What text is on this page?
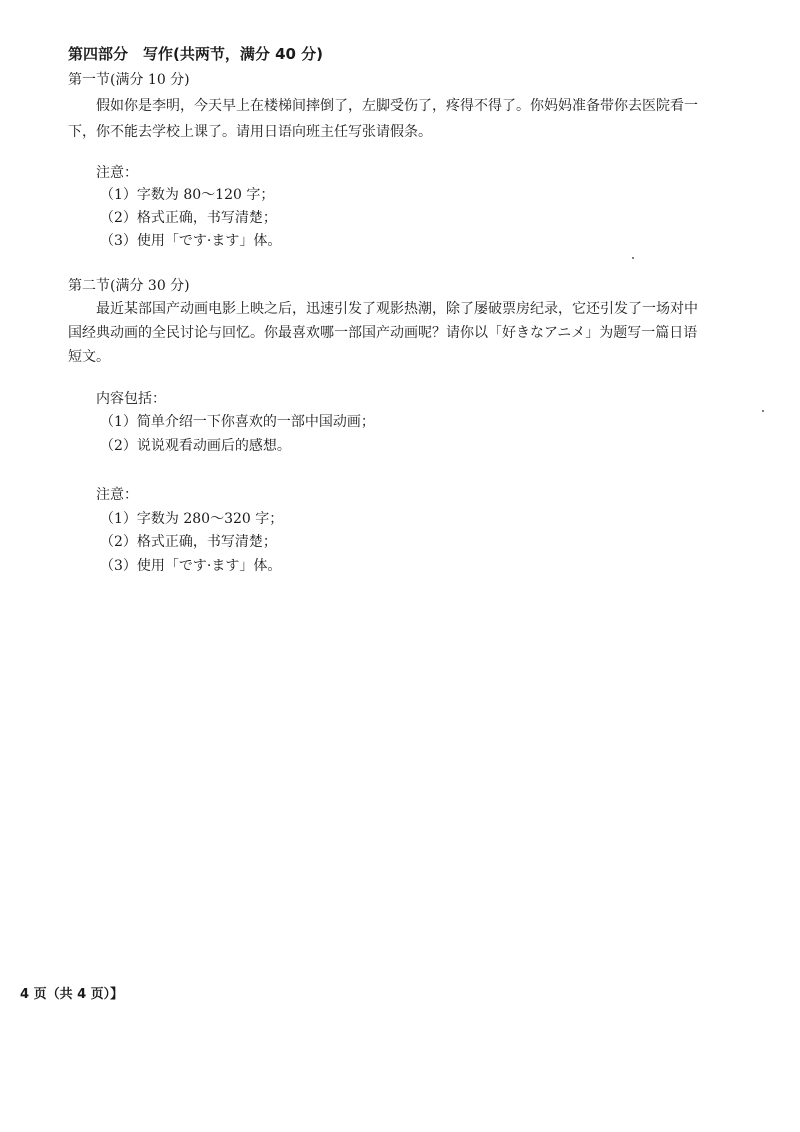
第四部分　写作(共两节，满分 40 分)
第一节(满分 10 分)
假如你是李明，今天早上在楼梯间摔倒了，左脚受伤了，疼得不得了。你妈妈准备带你去医院看一
下，你不能去学校上课了。请用日语向班主任写张请假条。
注意：
（1）字数为 80～120 字；
（2）格式正确，书写清楚；
（3）使用「です·ます」体。
第二节(满分 30 分)
最近某部国产动画电影上映之后，迅速引发了观影热潮，除了屡破票房纪录，它还引发了一场对中
国经典动画的全民讨论与回忆。你最喜欢哪一部国产动画呢？请你以「好きなアニメ」为题写一篇日语
短文。
内容包括：
（1）简单介绍一下你喜欢的一部中国动画；
（2）说说观看动画后的感想。
注意：
（1）字数为 280～320 字；
（2）格式正确，书写清楚；
（3）使用「です·ます」体。
4 页（共 4 页）】
